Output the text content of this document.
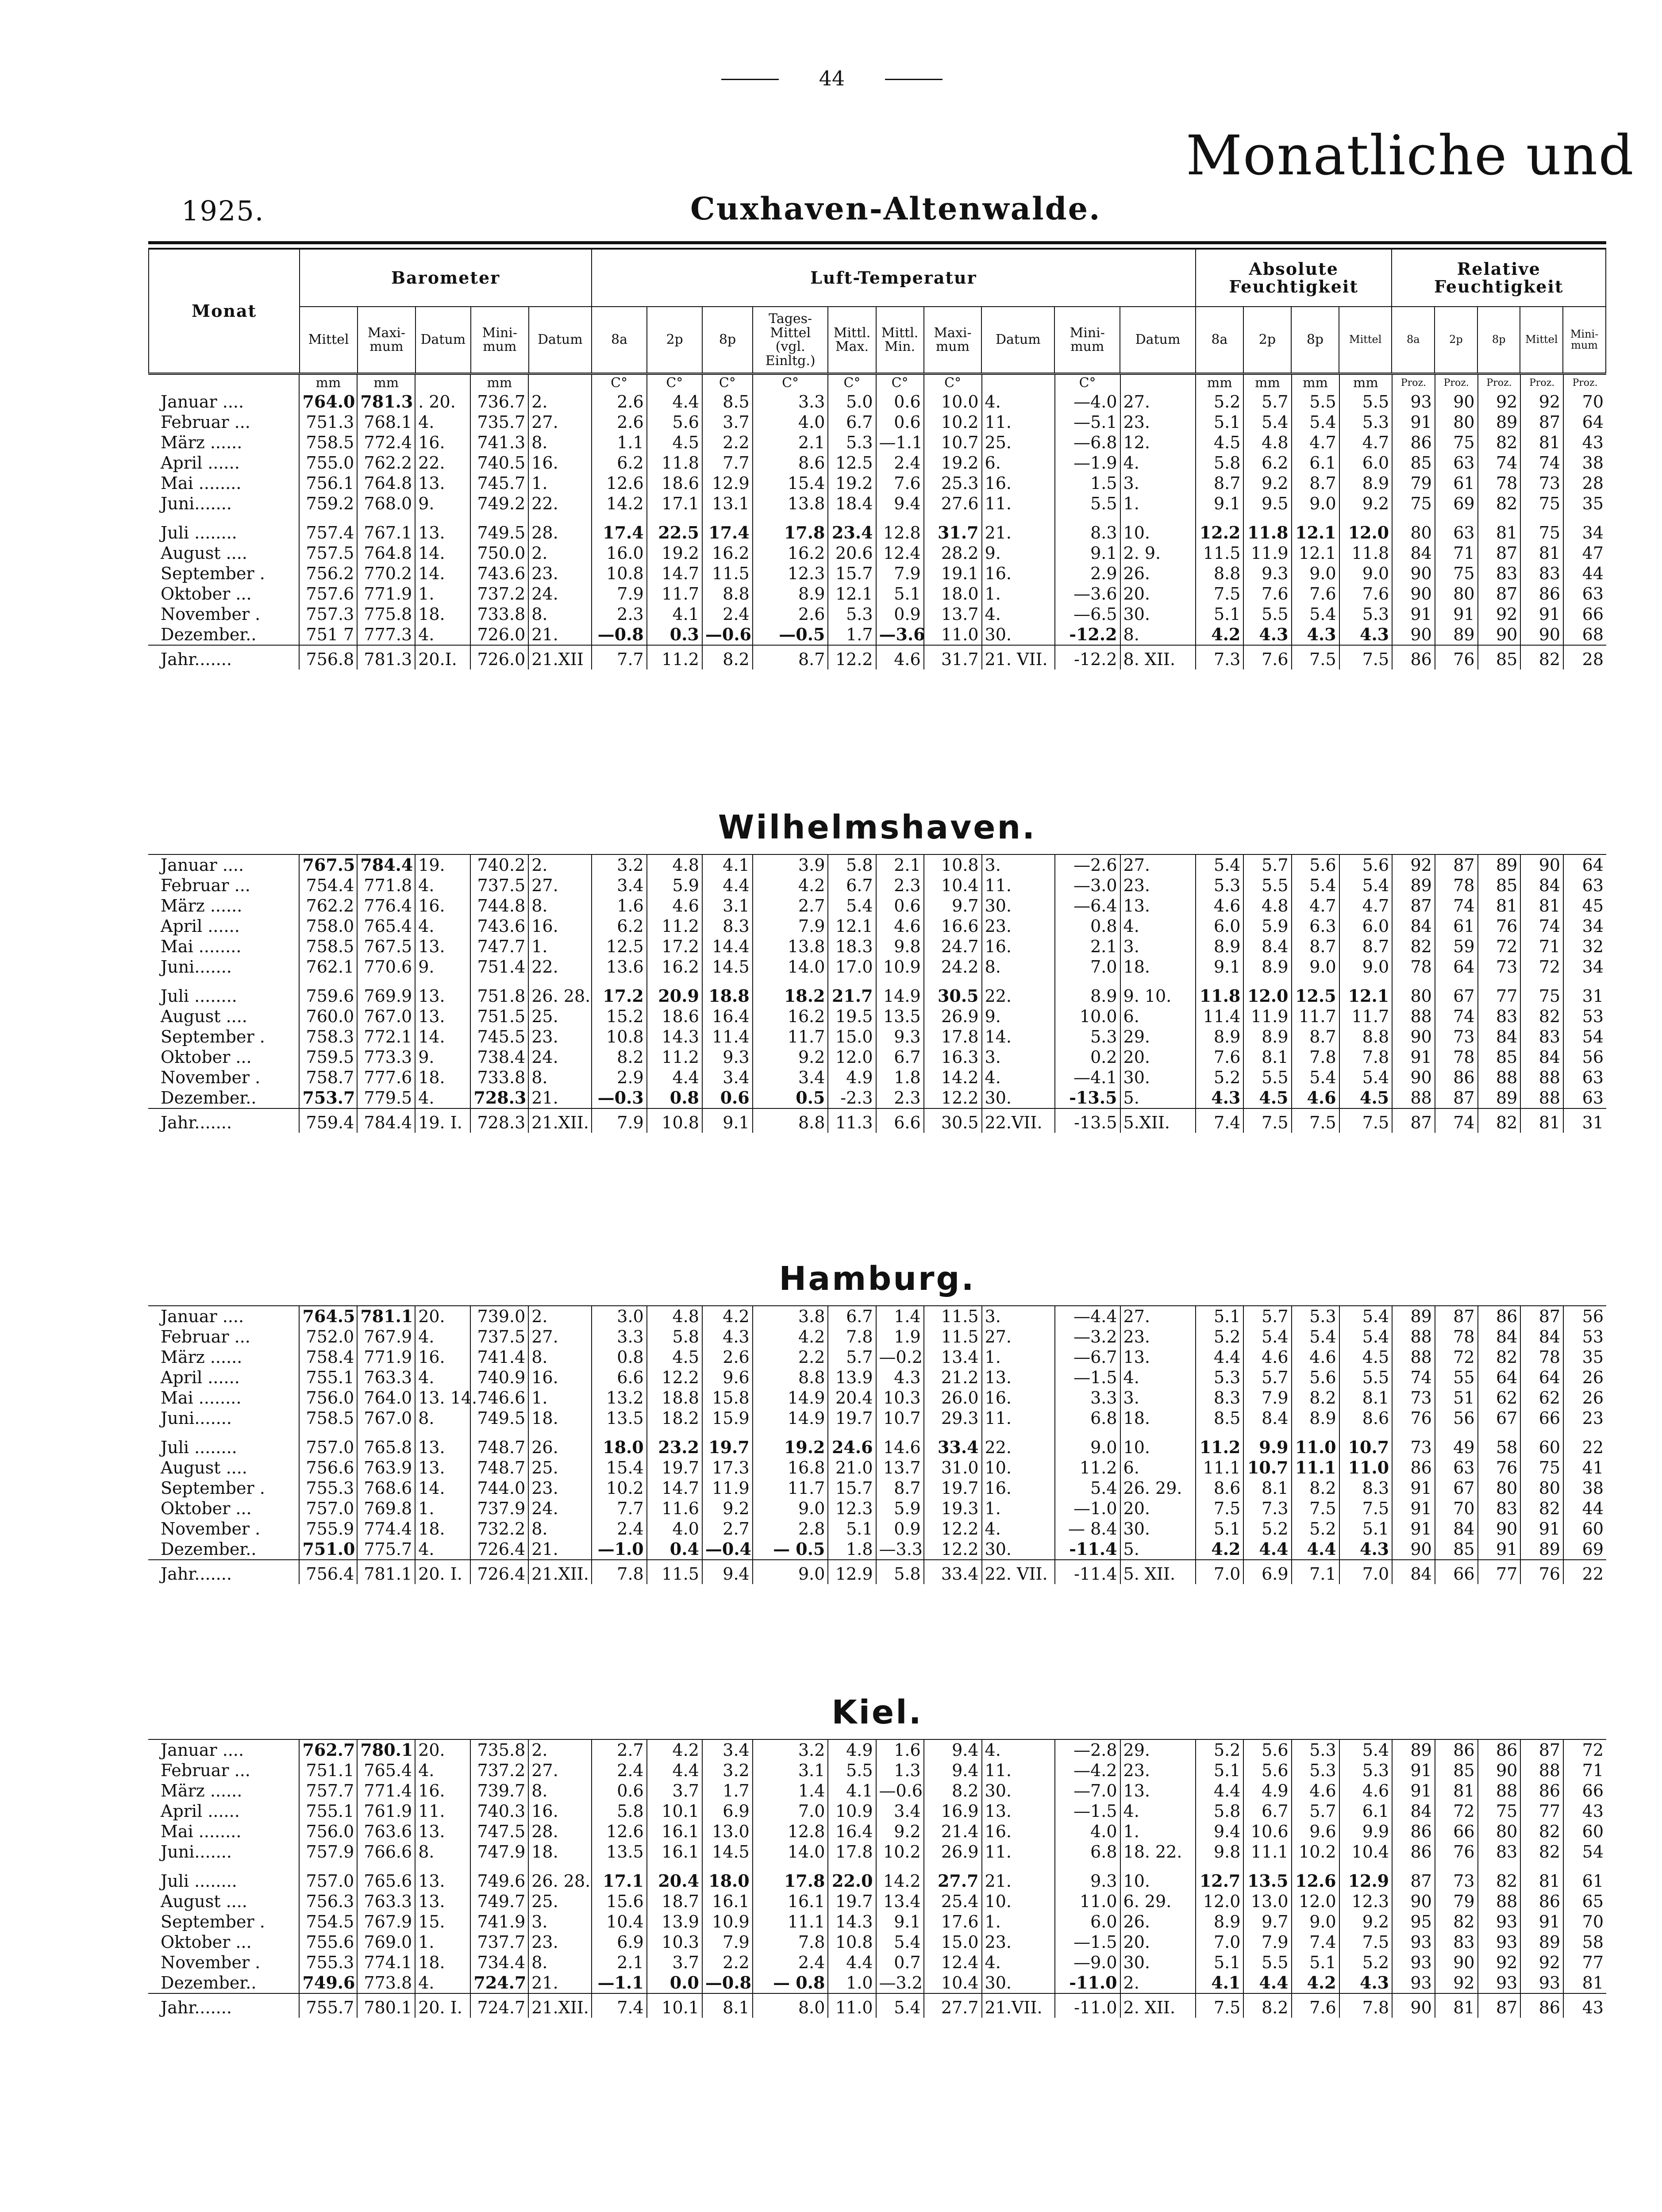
44
Monatliche und
1925.	Cuxhaven-Altenwalde.
Monat	Barometer					Luft-Temperatur										Absolute Feuchtigkeit				Relative Feuchtigkeit				
	Mittel	Maxi-mum	Datum	Mini-mum	Datum	8a	2p	8p	Tages-Mittel (vgl. Einltg.)	Mittl. Max.	Mittl. Min.	Maxi-mum	Datum	Mini-mum	Datum	8a	2p	8p	Mittel	8a	2p	8p	Mittel	Mini-mum
	mm	mm		mm		C°	C°	C°	C°	C°	C°	C°		C°		mm	mm	mm	mm	Proz.	Proz.	Proz.	Proz.	Proz.
Januar ....	764.0	781.3	. 20.	736.7	2.	2.6	4.4	8.5	3.3	5.0	0.6	10.0	4.	—4.0	27.	5.2	5.7	5.5	5.5	93	90	92	92	70
Februar ...	751.3	768.1	4.	735.7	27.	2.6	5.6	3.7	4.0	6.7	0.6	10.2	11.	—5.1	23.	5.1	5.4	5.4	5.3	91	80	89	87	64
März ......	758.5	772.4	16.	741.3	8.	1.1	4.5	2.2	2.1	5.3	—1.1	10.7	25.	—6.8	12.	4.5	4.8	4.7	4.7	86	75	82	81	43
April ......	755.0	762.2	22.	740.5	16.	6.2	11.8	7.7	8.6	12.5	2.4	19.2	6.	—1.9	4.	5.8	6.2	6.1	6.0	85	63	74	74	38
Mai ........	756.1	764.8	13.	745.7	1.	12.6	18.6	12.9	15.4	19.2	7.6	25.3	16.	1.5	3.	8.7	9.2	8.7	8.9	79	61	78	73	28
Juni.......	759.2	768.0	9.	749.2	22.	14.2	17.1	13.1	13.8	18.4	9.4	27.6	11.	5.5	1.	9.1	9.5	9.0	9.2	75	69	82	75	35
Juli ........	757.4	767.1	13.	749.5	28.	17.4	22.5	17.4	17.8	23.4	12.8	31.7	21.	8.3	10.	12.2	11.8	12.1	12.0	80	63	81	75	34
August ....	757.5	764.8	14.	750.0	2.	16.0	19.2	16.2	16.2	20.6	12.4	28.2	9.	9.1	2. 9.	11.5	11.9	12.1	11.8	84	71	87	81	47
September .	756.2	770.2	14.	743.6	23.	10.8	14.7	11.5	12.3	15.7	7.9	19.1	16.	2.9	26.	8.8	9.3	9.0	9.0	90	75	83	83	44
Oktober ...	757.6	771.9	1.	737.2	24.	7.9	11.7	8.8	8.9	12.1	5.1	18.0	1.	—3.6	20.	7.5	7.6	7.6	7.6	90	80	87	86	63
November .	757.3	775.8	18.	733.8	8.	2.3	4.1	2.4	2.6	5.3	0.9	13.7	4.	—6.5	30.	5.1	5.5	5.4	5.3	91	91	92	91	66
Dezember..	751 7	777.3	4.	726.0	21.	—0.8	0.3	—0.6	—0.5	1.7	—3.6	11.0	30.	-12.2	8.	4.2	4.3	4.3	4.3	90	89	90	90	68
Jahr.......	756.8	781.3	20.I.	726.0	21.XII	7.7	11.2	8.2	8.7	12.2	4.6	31.7	21. VII.	-12.2	8. XII.	7.3	7.6	7.5	7.5	86	76	85	82	28
Wilhelmshaven.
Januar ....	767.5	784.4	19.	740.2	2.	3.2	4.8	4.1	3.9	5.8	2.1	10.8	3.	—2.6	27.	5.4	5.7	5.6	5.6	92	87	89	90	64
Februar ...	754.4	771.8	4.	737.5	27.	3.4	5.9	4.4	4.2	6.7	2.3	10.4	11.	—3.0	23.	5.3	5.5	5.4	5.4	89	78	85	84	63
März ......	762.2	776.4	16.	744.8	8.	1.6	4.6	3.1	2.7	5.4	0.6	9.7	30.	—6.4	13.	4.6	4.8	4.7	4.7	87	74	81	81	45
April ......	758.0	765.4	4.	743.6	16.	6.2	11.2	8.3	7.9	12.1	4.6	16.6	23.	0.8	4.	6.0	5.9	6.3	6.0	84	61	76	74	34
Mai ........	758.5	767.5	13.	747.7	1.	12.5	17.2	14.4	13.8	18.3	9.8	24.7	16.	2.1	3.	8.9	8.4	8.7	8.7	82	59	72	71	32
Juni.......	762.1	770.6	9.	751.4	22.	13.6	16.2	14.5	14.0	17.0	10.9	24.2	8.	7.0	18.	9.1	8.9	9.0	9.0	78	64	73	72	34
Juli ........	759.6	769.9	13.	751.8	26. 28.	17.2	20.9	18.8	18.2	21.7	14.9	30.5	22.	8.9	9. 10.	11.8	12.0	12.5	12.1	80	67	77	75	31
August ....	760.0	767.0	13.	751.5	25.	15.2	18.6	16.4	16.2	19.5	13.5	26.9	9.	10.0	6.	11.4	11.9	11.7	11.7	88	74	83	82	53
September .	758.3	772.1	14.	745.5	23.	10.8	14.3	11.4	11.7	15.0	9.3	17.8	14.	5.3	29.	8.9	8.9	8.7	8.8	90	73	84	83	54
Oktober ...	759.5	773.3	9.	738.4	24.	8.2	11.2	9.3	9.2	12.0	6.7	16.3	3.	0.2	20.	7.6	8.1	7.8	7.8	91	78	85	84	56
November .	758.7	777.6	18.	733.8	8.	2.9	4.4	3.4	3.4	4.9	1.8	14.2	4.	—4.1	30.	5.2	5.5	5.4	5.4	90	86	88	88	63
Dezember..	753.7	779.5	4.	728.3	21.	—0.3	0.8	0.6	0.5	-2.3	2.3	12.2	30.	-13.5	5.	4.3	4.5	4.6	4.5	88	87	89	88	63
Jahr.......	759.4	784.4	19. I.	728.3	21.XII.	7.9	10.8	9.1	8.8	11.3	6.6	30.5	22.VII.	-13.5	5.XII.	7.4	7.5	7.5	7.5	87	74	82	81	31
Hamburg.
Januar ....	764.5	781.1	20.	739.0	2.	3.0	4.8	4.2	3.8	6.7	1.4	11.5	3.	—4.4	27.	5.1	5.7	5.3	5.4	89	87	86	87	56
Februar ...	752.0	767.9	4.	737.5	27.	3.3	5.8	4.3	4.2	7.8	1.9	11.5	27.	—3.2	23.	5.2	5.4	5.4	5.4	88	78	84	84	53
März ......	758.4	771.9	16.	741.4	8.	0.8	4.5	2.6	2.2	5.7	—0.2	13.4	1.	—6.7	13.	4.4	4.6	4.6	4.5	88	72	82	78	35
April ......	755.1	763.3	4.	740.9	16.	6.6	12.2	9.6	8.8	13.9	4.3	21.2	13.	—1.5	4.	5.3	5.7	5.6	5.5	74	55	64	64	26
Mai ........	756.0	764.0	13. 14.	746.6	1.	13.2	18.8	15.8	14.9	20.4	10.3	26.0	16.	3.3	3.	8.3	7.9	8.2	8.1	73	51	62	62	26
Juni.......	758.5	767.0	8.	749.5	18.	13.5	18.2	15.9	14.9	19.7	10.7	29.3	11.	6.8	18.	8.5	8.4	8.9	8.6	76	56	67	66	23
Juli ........	757.0	765.8	13.	748.7	26.	18.0	23.2	19.7	19.2	24.6	14.6	33.4	22.	9.0	10.	11.2	9.9	11.0	10.7	73	49	58	60	22
August ....	756.6	763.9	13.	748.7	25.	15.4	19.7	17.3	16.8	21.0	13.7	31.0	10.	11.2	6.	11.1	10.7	11.1	11.0	86	63	76	75	41
September .	755.3	768.6	14.	744.0	23.	10.2	14.7	11.9	11.7	15.7	8.7	19.7	16.	5.4	26. 29.	8.6	8.1	8.2	8.3	91	67	80	80	38
Oktober ...	757.0	769.8	1.	737.9	24.	7.7	11.6	9.2	9.0	12.3	5.9	19.3	1.	—1.0	20.	7.5	7.3	7.5	7.5	91	70	83	82	44
November .	755.9	774.4	18.	732.2	8.	2.4	4.0	2.7	2.8	5.1	0.9	12.2	4.	— 8.4	30.	5.1	5.2	5.2	5.1	91	84	90	91	60
Dezember..	751.0	775.7	4.	726.4	21.	—1.0	0.4	—0.4	— 0.5	1.8	—3.3	12.2	30.	-11.4	5.	4.2	4.4	4.4	4.3	90	85	91	89	69
Jahr.......	756.4	781.1	20. I.	726.4	21.XII.	7.8	11.5	9.4	9.0	12.9	5.8	33.4	22. VII.	-11.4	5. XII.	7.0	6.9	7.1	7.0	84	66	77	76	22
Kiel.
Januar ....	762.7	780.1	20.	735.8	2.	2.7	4.2	3.4	3.2	4.9	1.6	9.4	4.	—2.8	29.	5.2	5.6	5.3	5.4	89	86	86	87	72
Februar ...	751.1	765.4	4.	737.2	27.	2.4	4.4	3.2	3.1	5.5	1.3	9.4	11.	—4.2	23.	5.1	5.6	5.3	5.3	91	85	90	88	71
März ......	757.7	771.4	16.	739.7	8.	0.6	3.7	1.7	1.4	4.1	—0.6	8.2	30.	—7.0	13.	4.4	4.9	4.6	4.6	91	81	88	86	66
April ......	755.1	761.9	11.	740.3	16.	5.8	10.1	6.9	7.0	10.9	3.4	16.9	13.	—1.5	4.	5.8	6.7	5.7	6.1	84	72	75	77	43
Mai ........	756.0	763.6	13.	747.5	28.	12.6	16.1	13.0	12.8	16.4	9.2	21.4	16.	4.0	1.	9.4	10.6	9.6	9.9	86	66	80	82	60
Juni.......	757.9	766.6	8.	747.9	18.	13.5	16.1	14.5	14.0	17.8	10.2	26.9	11.	6.8	18. 22.	9.8	11.1	10.2	10.4	86	76	83	82	54
Juli ........	757.0	765.6	13.	749.6	26. 28.	17.1	20.4	18.0	17.8	22.0	14.2	27.7	21.	9.3	10.	12.7	13.5	12.6	12.9	87	73	82	81	61
August ....	756.3	763.3	13.	749.7	25.	15.6	18.7	16.1	16.1	19.7	13.4	25.4	10.	11.0	6. 29.	12.0	13.0	12.0	12.3	90	79	88	86	65
September .	754.5	767.9	15.	741.9	3.	10.4	13.9	10.9	11.1	14.3	9.1	17.6	1.	6.0	26.	8.9	9.7	9.0	9.2	95	82	93	91	70
Oktober ...	755.6	769.0	1.	737.7	23.	6.9	10.3	7.9	7.8	10.8	5.4	15.0	23.	—1.5	20.	7.0	7.9	7.4	7.5	93	83	93	89	58
November .	755.3	774.1	18.	734.4	8.	2.1	3.7	2.2	2.4	4.4	0.7	12.4	4.	—9.0	30.	5.1	5.5	5.1	5.2	93	90	92	92	77
Dezember..	749.6	773.8	4.	724.7	21.	—1.1	0.0	—0.8	— 0.8	1.0	—3.2	10.4	30.	-11.0	2.	4.1	4.4	4.2	4.3	93	92	93	93	81
Jahr.......	755.7	780.1	20. I.	724.7	21.XII.	7.4	10.1	8.1	8.0	11.0	5.4	27.7	21.VII.	-11.0	2. XII.	7.5	8.2	7.6	7.8	90	81	87	86	43
